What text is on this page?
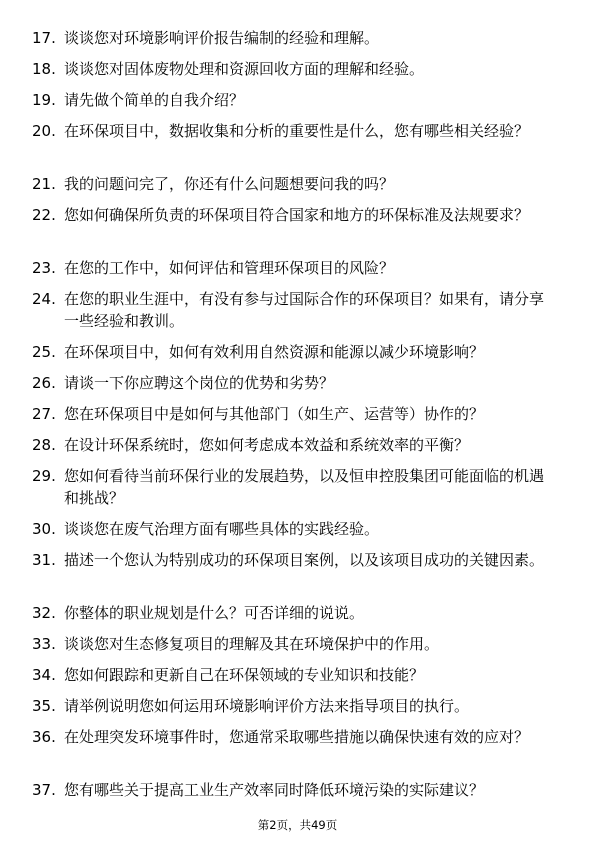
17. 谈谈您对环境影响评价报告编制的经验和理解。
18. 谈谈您对固体废物处理和资源回收方面的理解和经验。
19. 请先做个简单的自我介绍？
20. 在环保项目中，数据收集和分析的重要性是什么，您有哪些相关经验？
21. 我的问题问完了，你还有什么问题想要问我的吗？
22. 您如何确保所负责的环保项目符合国家和地方的环保标准及法规要求？
23. 在您的工作中，如何评估和管理环保项目的风险？
24. 在您的职业生涯中，有没有参与过国际合作的环保项目？如果有，请分享一些经验和教训。
25. 在环保项目中，如何有效利用自然资源和能源以减少环境影响？
26. 请谈一下你应聘这个岗位的优势和劣势？
27. 您在环保项目中是如何与其他部门（如生产、运营等）协作的？
28. 在设计环保系统时，您如何考虑成本效益和系统效率的平衡？
29. 您如何看待当前环保行业的发展趋势，以及恒申控股集团可能面临的机遇和挑战？
30. 谈谈您在废气治理方面有哪些具体的实践经验。
31. 描述一个您认为特别成功的环保项目案例，以及该项目成功的关键因素。
32. 你整体的职业规划是什么？可否详细的说说。
33. 谈谈您对生态修复项目的理解及其在环境保护中的作用。
34. 您如何跟踪和更新自己在环保领域的专业知识和技能？
35. 请举例说明您如何运用环境影响评价方法来指导项目的执行。
36. 在处理突发环境事件时，您通常采取哪些措施以确保快速有效的应对？
37. 您有哪些关于提高工业生产效率同时降低环境污染的实际建议？
第2页，共49页
